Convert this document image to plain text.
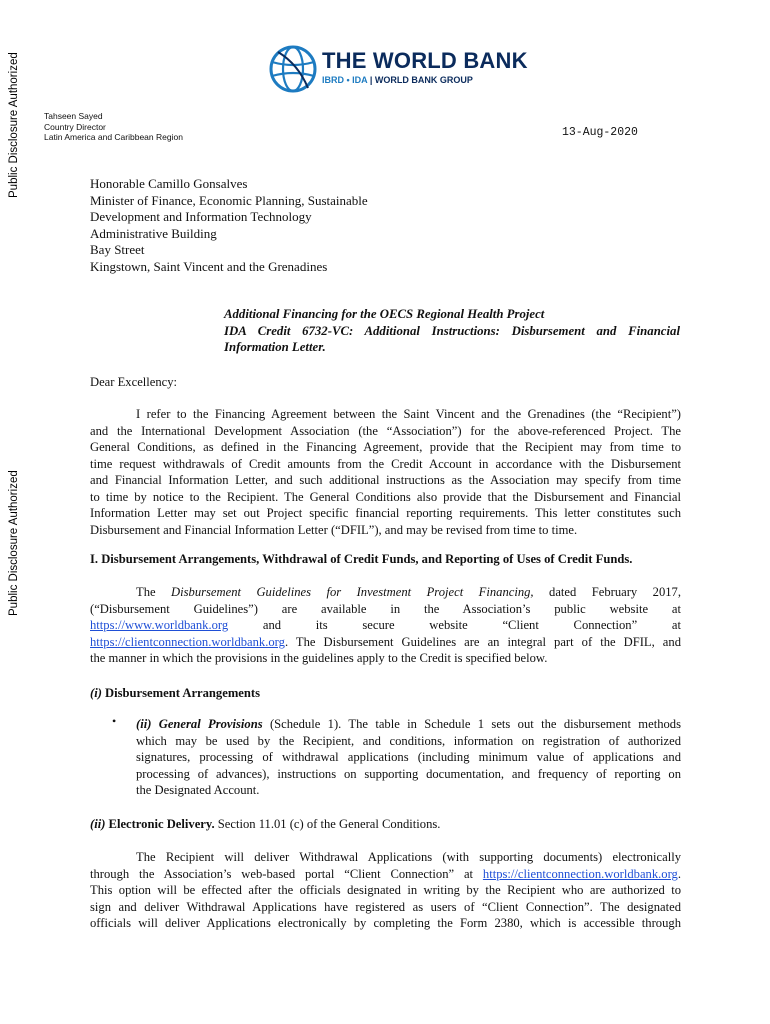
Public Disclosure Authorized
Public Disclosure Authorized
THE WORLD BANK
IBRD • IDA | WORLD BANK GROUP
Tahseen Sayed
Country Director
Latin America and Caribbean Region	13-Aug-2020
Honorable Camillo Gonsalves
Minister of Finance, Economic Planning, Sustainable
Development and Information Technology
Administrative Building
Bay Street
Kingstown, Saint Vincent and the Grenadines
Additional Financing for the OECS Regional Health Project
IDA Credit 6732-VC: Additional Instructions: Disbursement and Financial
Information Letter.
Dear Excellency:
I refer to the Financing Agreement between the Saint Vincent and the Grenadines (the “Recipient”)
and the International Development Association (the “Association”) for the above-referenced Project. The
General Conditions, as defined in the Financing Agreement, provide that the Recipient may from time to
time request withdrawals of Credit amounts from the Credit Account in accordance with the Disbursement
and Financial Information Letter, and such additional instructions as the Association may specify from time
to time by notice to the Recipient. The General Conditions also provide that the Disbursement and Financial
Information Letter may set out Project specific financial reporting requirements. This letter constitutes such
Disbursement and Financial Information Letter (“DFIL”), and may be revised from time to time.
I. Disbursement Arrangements, Withdrawal of Credit Funds, and Reporting of Uses of Credit Funds.
The Disbursement Guidelines for Investment Project Financing, dated February 2017,
(“Disbursement Guidelines”) are available in the Association’s public website at
https://www.worldbank.org and its secure website “Client Connection” at
https://clientconnection.worldbank.org. The Disbursement Guidelines are an integral part of the DFIL, and
the manner in which the provisions in the guidelines apply to the Credit is specified below.
(i) Disbursement Arrangements
• (ii) General Provisions (Schedule 1). The table in Schedule 1 sets out the disbursement methods
which may be used by the Recipient, and conditions, information on registration of authorized
signatures, processing of withdrawal applications (including minimum value of applications and
processing of advances), instructions on supporting documentation, and frequency of reporting on
the Designated Account.
(ii) Electronic Delivery. Section 11.01 (c) of the General Conditions.
The Recipient will deliver Withdrawal Applications (with supporting documents) electronically
through the Association’s web-based portal “Client Connection” at https://clientconnection.worldbank.org.
This option will be effected after the officials designated in writing by the Recipient who are authorized to
sign and deliver Withdrawal Applications have registered as users of “Client Connection”. The designated
officials will deliver Applications electronically by completing the Form 2380, which is accessible through
